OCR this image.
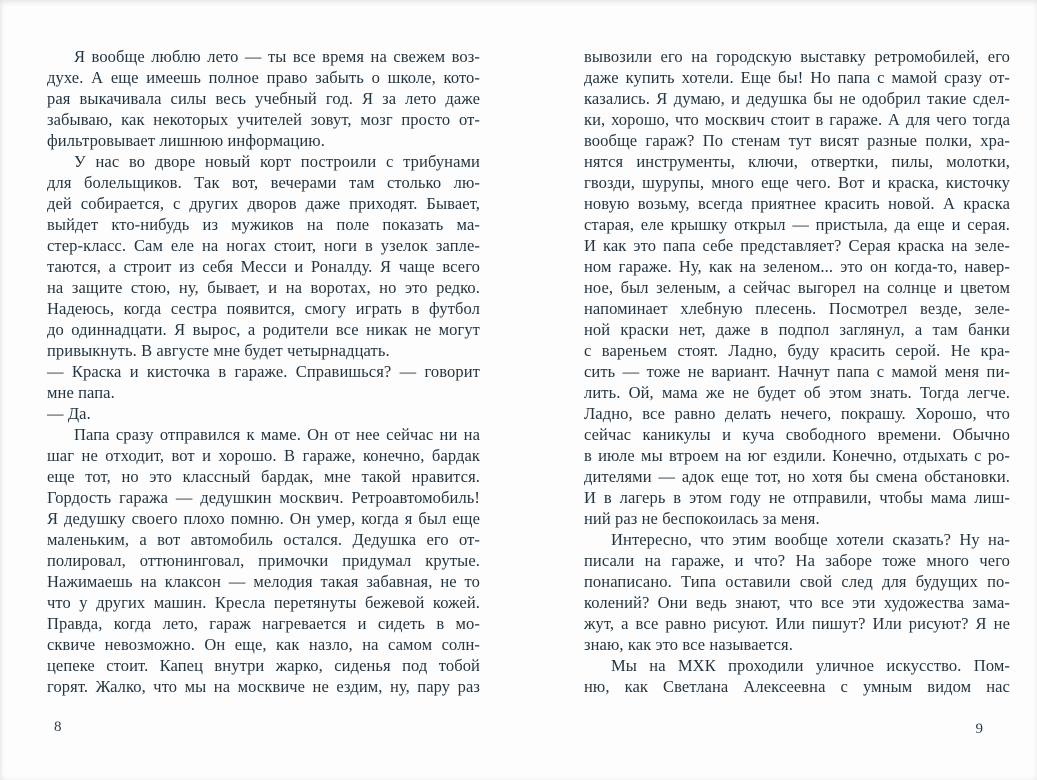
Я вообще люблю лето — ты все время на свежем воз-
духе. А еще имеешь полное право забыть о школе, кото-
рая выкачивала силы весь учебный год. Я за лето даже
забываю, как некоторых учителей зовут, мозг просто от-
фильтровывает лишнюю информацию.
У нас во дворе новый корт построили с трибунами
для болельщиков. Так вот, вечерами там столько лю-
дей собирается, с других дворов даже приходят. Бывает,
выйдет кто-нибудь из мужиков на поле показать ма-
стер-класс. Сам еле на ногах стоит, ноги в узелок запле-
таются, а строит из себя Месси и Роналду. Я чаще всего
на защите стою, ну, бывает, и на воротах, но это редко.
Надеюсь, когда сестра появится, смогу играть в футбол
до одиннадцати. Я вырос, а родители все никак не могут
привыкнуть. В августе мне будет четырнадцать.
— Краска и кисточка в гараже. Справишься? — говорит
мне папа.
— Да.
Папа сразу отправился к маме. Он от нее сейчас ни на
шаг не отходит, вот и хорошо. В гараже, конечно, бардак
еще тот, но это классный бардак, мне такой нравится.
Гордость гаража — дедушкин москвич. Ретроавтомобиль!
Я дедушку своего плохо помню. Он умер, когда я был еще
маленьким, а вот автомобиль остался. Дедушка его от-
полировал, оттюнинговал, примочки придумал крутые.
Нажимаешь на клаксон — мелодия такая забавная, не то
что у других машин. Кресла перетянуты бежевой кожей.
Правда, когда лето, гараж нагревается и сидеть в мо-
сквиче невозможно. Он еще, как назло, на самом солн-
цепеке стоит. Капец внутри жарко, сиденья под тобой
горят. Жалко, что мы на москвиче не ездим, ну, пару раз
8
вывозили его на городскую выставку ретромобилей, его
даже купить хотели. Еще бы! Но папа с мамой сразу от-
казались. Я думаю, и дедушка бы не одобрил такие сдел-
ки, хорошо, что москвич стоит в гараже. А для чего тогда
вообще гараж? По стенам тут висят разные полки, хра-
нятся инструменты, ключи, отвертки, пилы, молотки,
гвозди, шурупы, много еще чего. Вот и краска, кисточку
новую возьму, всегда приятнее красить новой. А краска
старая, еле крышку открыл — пристыла, да еще и серая.
И как это папа себе представляет? Серая краска на зеле-
ном гараже. Ну, как на зеленом... это он когда-то, навер-
ное, был зеленым, а сейчас выгорел на солнце и цветом
напоминает хлебную плесень. Посмотрел везде, зеле-
ной краски нет, даже в подпол заглянул, а там банки
с вареньем стоят. Ладно, буду красить серой. Не кра-
сить — тоже не вариант. Начнут папа с мамой меня пи-
лить. Ой, мама же не будет об этом знать. Тогда легче.
Ладно, все равно делать нечего, покрашу. Хорошо, что
сейчас каникулы и куча свободного времени. Обычно
в июле мы втроем на юг ездили. Конечно, отдыхать с ро-
дителями — адок еще тот, но хотя бы смена обстановки.
И в лагерь в этом году не отправили, чтобы мама лиш-
ний раз не беспокоилась за меня.
Интересно, что этим вообще хотели сказать? Ну на-
писали на гараже, и что? На заборе тоже много чего
понаписано. Типа оставили свой след для будущих по-
колений? Они ведь знают, что все эти художества зама-
жут, а все равно рисуют. Или пишут? Или рисуют? Я не
знаю, как это все называется.
Мы на МХК проходили уличное искусство. Пом-
ню, как Светлана Алексеевна с умным видом нас
9
